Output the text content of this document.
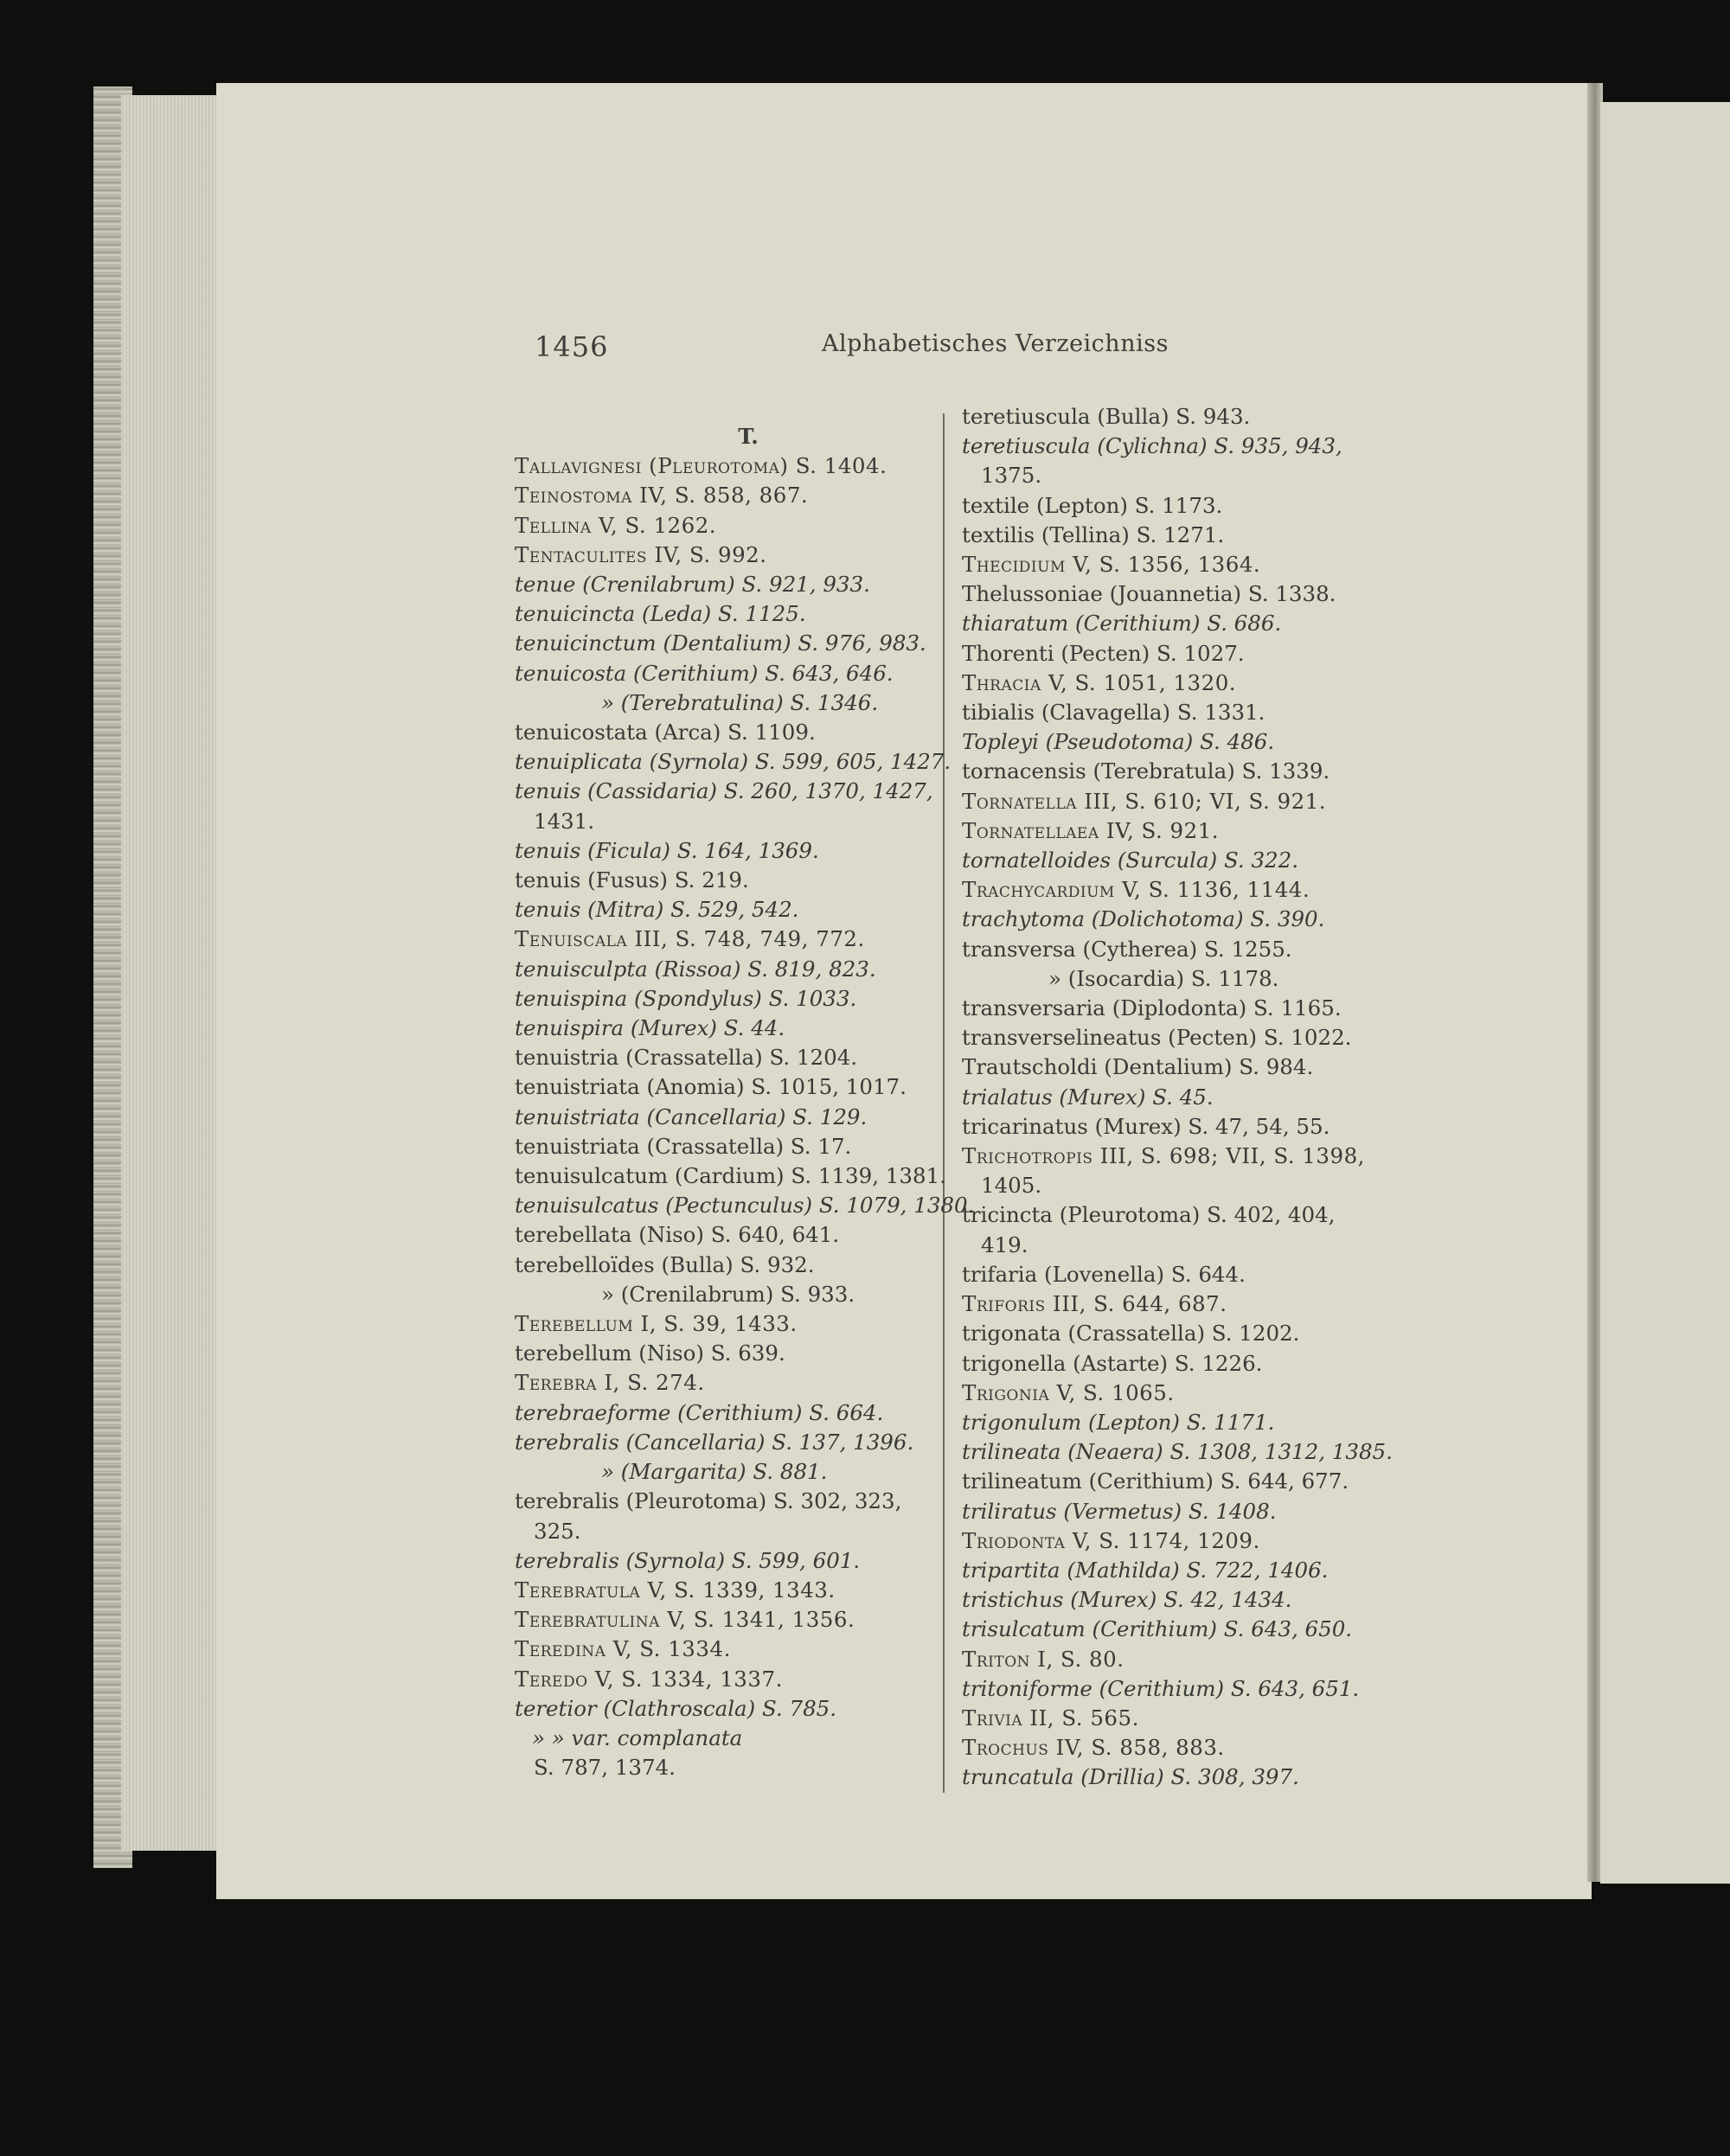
1456	Alphabetisches Verzeichniss
T.
Tallavignesi (Pleurotoma) S. 1404.
Teinostoma IV, S. 858, 867.
Tellina V, S. 1262.
Tentaculites IV, S. 992.
tenue (Crenilabrum) S. 921, 933.
tenuicincta (Leda) S. 1125.
tenuicinctum (Dentalium) S. 976, 983.
tenuicosta (Cerithium) S. 643, 646.
» (Terebratulina) S. 1346.
tenuicostata (Arca) S. 1109.
tenuiplicata (Syrnola) S. 599, 605, 1427.
tenuis (Cassidaria) S. 260, 1370, 1427,
1431.
tenuis (Ficula) S. 164, 1369.
tenuis (Fusus) S. 219.
tenuis (Mitra) S. 529, 542.
Tenuiscala III, S. 748, 749, 772.
tenuisculpta (Rissoa) S. 819, 823.
tenuispina (Spondylus) S. 1033.
tenuispira (Murex) S. 44.
tenuistria (Crassatella) S. 1204.
tenuistriata (Anomia) S. 1015, 1017.
tenuistriata (Cancellaria) S. 129.
tenuistriata (Crassatella) S. 17.
tenuisulcatum (Cardium) S. 1139, 1381.
tenuisulcatus (Pectunculus) S. 1079, 1380.
terebellata (Niso) S. 640, 641.
terebelloïdes (Bulla) S. 932.
» (Crenilabrum) S. 933.
Terebellum I, S. 39, 1433.
terebellum (Niso) S. 639.
Terebra I, S. 274.
terebraeforme (Cerithium) S. 664.
terebralis (Cancellaria) S. 137, 1396.
» (Margarita) S. 881.
terebralis (Pleurotoma) S. 302, 323,
325.
terebralis (Syrnola) S. 599, 601.
Terebratula V, S. 1339, 1343.
Terebratulina V, S. 1341, 1356.
Teredina V, S. 1334.
Teredo V, S. 1334, 1337.
teretior (Clathroscala) S. 785.
» » var. complanata
S. 787, 1374.
teretiuscula (Bulla) S. 943.
teretiuscula (Cylichna) S. 935, 943,
1375.
textile (Lepton) S. 1173.
textilis (Tellina) S. 1271.
Thecidium V, S. 1356, 1364.
Thelussoniae (Jouannetia) S. 1338.
thiaratum (Cerithium) S. 686.
Thorenti (Pecten) S. 1027.
Thracia V, S. 1051, 1320.
tibialis (Clavagella) S. 1331.
Topleyi (Pseudotoma) S. 486.
tornacensis (Terebratula) S. 1339.
Tornatella III, S. 610; VI, S. 921.
Tornatellaea IV, S. 921.
tornatelloides (Surcula) S. 322.
Trachycardium V, S. 1136, 1144.
trachytoma (Dolichotoma) S. 390.
transversa (Cytherea) S. 1255.
» (Isocardia) S. 1178.
transversaria (Diplodonta) S. 1165.
transverselineatus (Pecten) S. 1022.
Trautscholdi (Dentalium) S. 984.
trialatus (Murex) S. 45.
tricarinatus (Murex) S. 47, 54, 55.
Trichotropis III, S. 698; VII, S. 1398,
1405.
tricincta (Pleurotoma) S. 402, 404,
419.
trifaria (Lovenella) S. 644.
Triforis III, S. 644, 687.
trigonata (Crassatella) S. 1202.
trigonella (Astarte) S. 1226.
Trigonia V, S. 1065.
trigonulum (Lepton) S. 1171.
trilineata (Neaera) S. 1308, 1312, 1385.
trilineatum (Cerithium) S. 644, 677.
triliratus (Vermetus) S. 1408.
Triodonta V, S. 1174, 1209.
tripartita (Mathilda) S. 722, 1406.
tristichus (Murex) S. 42, 1434.
trisulcatum (Cerithium) S. 643, 650.
Triton I, S. 80.
tritoniforme (Cerithium) S. 643, 651.
Trivia II, S. 565.
Trochus IV, S. 858, 883.
truncatula (Drillia) S. 308, 397.
